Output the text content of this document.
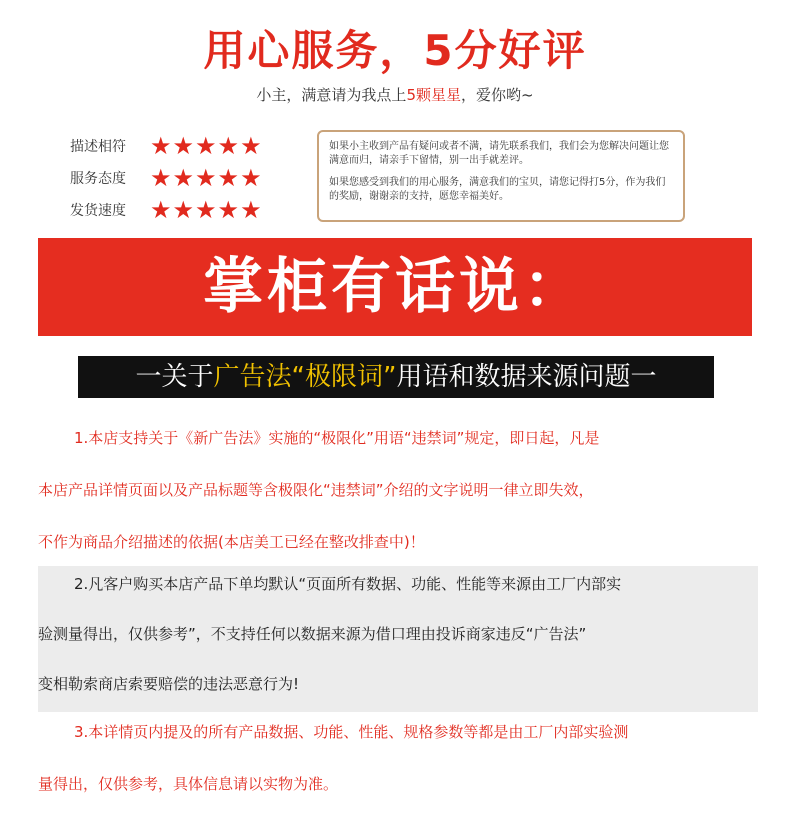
用心服务，5分好评
小主，满意请为我点上5颗星星，爱你哟~
描述相符	★★★★★
服务态度	★★★★★
发货速度	★★★★★

如果小主收到产品有疑问或者不满，请先联系我们，我们会为您解决问题让您满意而归，请亲手下留情，别一出手就差评。

如果您感受到我们的用心服务，满意我们的宝贝，请您记得打5分，作为我们的奖励，谢谢亲的支持，愿您幸福美好。

掌柜有话说：
一关于广告法“极限词”用语和数据来源问题一
1.本店支持关于《新广告法》实施的“极限化”用语“违禁词”规定，即日起，凡是
本店产品详情页面以及产品标题等含极限化“违禁词”介绍的文字说明一律立即失效，
不作为商品介绍描述的依据(本店美工已经在整改排查中)！
2.凡客户购买本店产品下单均默认“页面所有数据、功能、性能等来源由工厂内部实
验测量得出，仅供参考”，不支持任何以数据来源为借口理由投诉商家违反“广告法”
变相勒索商店索要赔偿的违法恶意行为!
3.本详情页内提及的所有产品数据、功能、性能、规格参数等都是由工厂内部实验测
量得出，仅供参考，具体信息请以实物为准。
